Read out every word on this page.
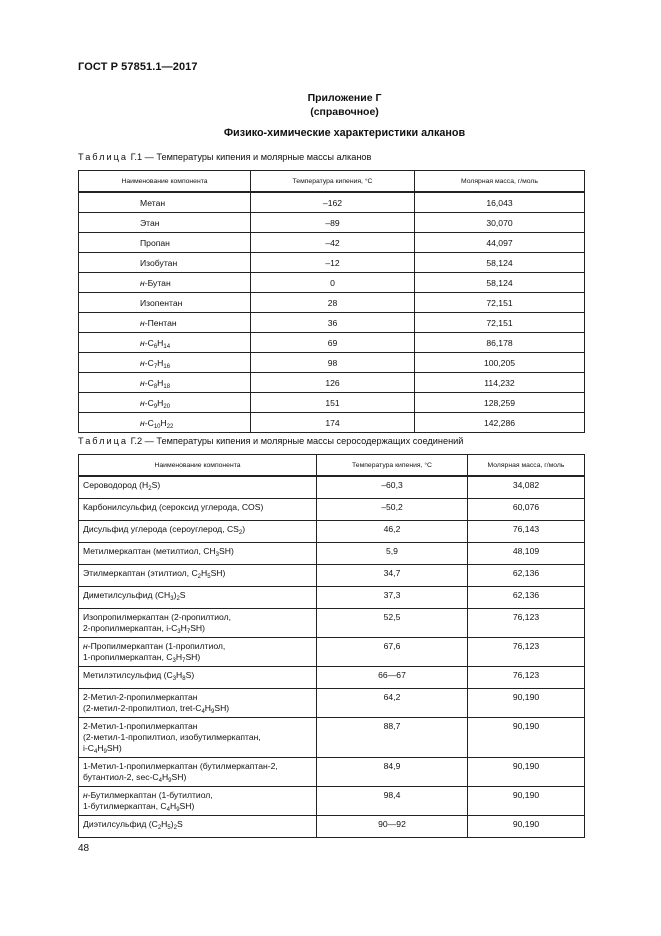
ГОСТ Р 57851.1—2017
Приложение Г
(справочное)
Физико-химические характеристики алканов
Таблица Г.1 — Температуры кипения и молярные массы алканов
Наименование компонента	Температура кипения, °С	Молярная масса, г/моль
Метан	–162	16,043
Этан	–89	30,070
Пропан	–42	44,097
Изобутан	–12	58,124
н-Бутан	0	58,124
Изопентан	28	72,151
н-Пентан	36	72,151
$н-C_6H_{14}$	69	86,178
$н-C_7H_{16}$	98	100,205
$н-C_8H_{18}$	126	114,232
$н-C_9H_{20}$	151	128,259
$н-C_{10}H_{22}$	174	142,286
Таблица Г.2 — Температуры кипения и молярные массы серосодержащих соединений
Наименование компонента	Температура кипения, °С	Молярная масса, г/моль
Сероводород $(H_2S)$	–60,3	34,082
Карбонилсульфид (сероксид углерода, COS)	–50,2	60,076
Дисульфид углерода (сероуглерод, $CS_2$)	46,2	76,143
Метилмеркаптан (метилтиол, $CH_3SH$)	5,9	48,109
Этилмеркаптан (этилтиол, $C_2H_5SH$)	34,7	62,136
Диметилсульфид $(CH_3)_2S$	37,3	62,136
Изопропилмеркаптан (2-пропилтиол,
2-пропилмеркаптан, $i-C_3H_7SH$)	52,5	76,123
н-Пропилмеркаптан (1-пропилтиол,
1-пропилмеркаптан, $C_3H_7SH$)	67,6	76,123
Метилэтилсульфид $(C_3H_8S)$	66—67	76,123
2-Метил-2-пропилмеркаптан
(2-метил-2-пропилтиол, tret-$C_4H_9SH$)	64,2	90,190
2-Метил-1-пропилмеркаптан
(2-метил-1-пропилтиол, изобутилмеркаптан,
$i-C_4H_9SH$)	88,7	90,190
1-Метил-1-пропилмеркаптан (бутилмеркаптан-2,
бутантиол-2, $\sec-C_4H_9SH$)	84,9	90,190
н-Бутилмеркаптан (1-бутилтиол,
1-бутилмеркаптан, $C_4H_9SH$)	98,4	90,190
Диэтилсульфид $(C_2H_5)_2S$	90—92	90,190
48
